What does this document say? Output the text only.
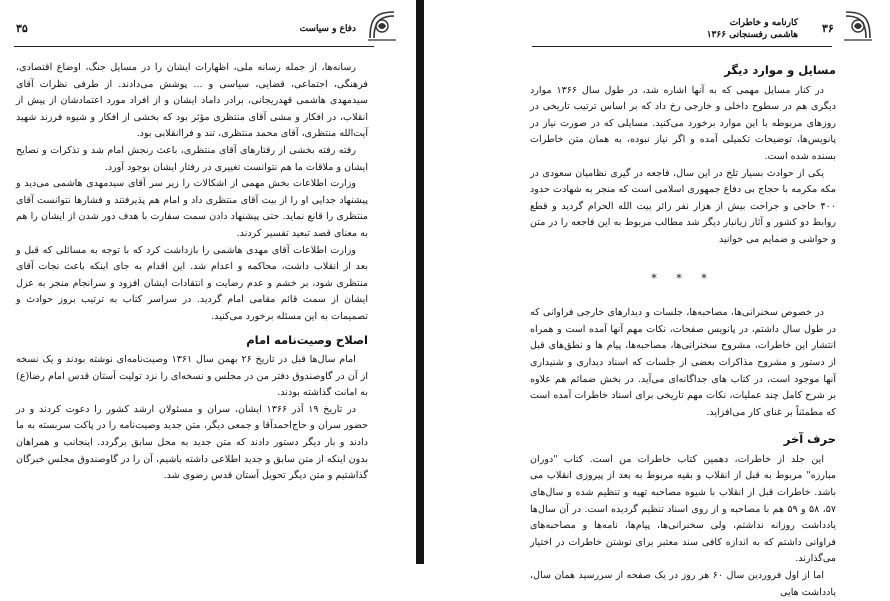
۳۵	دفاع و سیاست

رسانه‌ها، از جمله رسانه ملی، اظهارات ایشان را در مسایل جنگ، اوضاع اقتصادی، فرهنگی، اجتماعی، قضایی، سیاسی و ... پوشش می‌دادند. از طرفی نظرات آقای سیدمهدی هاشمی قهدریجانی، برادر داماد ایشان و از افراد مورد اعتمادشان از پیش از انقلاب، در افکار و مشی آقای منتظری مؤثر بود که بخشی از افکار و شیوه فرزند شهید آیت‌الله منتظری، آقای محمد منتظری، تند و فراانقلابی بود.

رفته رفته بخشی از رفتارهای آقای منتظری، باعث رنجش امام شد و تذکرات و نصایح ایشان و ملاقات ما هم نتوانست تغییری در رفتار ایشان بوجود آورد.

وزارت اطلاعات بخش مهمی از اشکالات را زیر سر آقای سیدمهدی هاشمی می‌دید و پیشنهاد جدایی او را از بیت آقای منتظری داد و امام هم پذیرفتند و فشارها نتوانست آقای منتظری را قانع نماید. حتی پیشنهاد دادن سمت سفارت با هدف دور شدن از ایشان را هم به معنای قصد تبعید تفسیر کردند.

وزارت اطلاعات آقای مهدی هاشمی را بازداشت کرد که با توجه به مسائلی که قبل و بعد از انقلاب داشت، محاکمه و اعدام شد. این اقدام به جای اینکه باعث نجات آقای منتظری شود، بر خشم و عدم رضایت و انتقادات ایشان افزود و سرانجام منجر به عزل ایشان از سمت قائم مقامی امام گردید. در سراسر کتاب به ترتیب بروز حوادث و تصمیمات به این مسئله برخورد می‌کنید.

اصلاح وصیت‌نامه امام

امام سال‌ها قبل در تاریخ ۲۶ بهمن سال ۱۳۶۱ وصیت‌نامه‌ای نوشته بودند و یک نسخه از آن در گاوصندوق دفتر من در مجلس و نسخه‌ای را نزد تولیت آستان قدس امام رضا(ع) به امانت گذاشته بودند.

در تاریخ ۱۹ آذر ۱۳۶۶ ایشان، سران و مسئولان ارشد کشور را دعوت کردند و در حضور سران و حاج‌احمدآقا و جمعی دیگر، متن جدید وصیت‌نامه را در پاکت سربسته به ما دادند و بار دیگر دستور دادند که متن جدید به محل سابق برگردد. اینجانب و همراهان بدون اینکه از متن سابق و جدید اطلاعی داشته باشیم، آن را در گاوصندوق مجلس خبرگان گذاشتیم و متن دیگر تحویل آستان قدس رضوی شد.

۳۶
کارنامه و خاطرات
هاشمی رفسنجانی ۱۳۶۶
مسایل و موارد دیگر

در کنار مسایل مهمی که به آنها اشاره شد، در طول سال ۱۳۶۶ موارد دیگری هم در سطوح داخلی و خارجی رخ داد که بر اساس ترتیب تاریخی در روزهای مربوطه با این موارد برخورد می‌کنید. مسایلی که در صورت نیاز در پانویس‌ها، توضیحات تکمیلی آمده و اگر نیاز نبوده، به همان متن خاطرات بسنده شده است.

یکی از حوادث بسیار تلخ در این سال، فاجعه در گیری نظامیان سعودی در مکه مکرمه با حجاج بی دفاع جمهوری اسلامی است که منجر به شهادت حدود ۴۰۰ حاجی و جراحت بیش از هزار نفر زائر بیت الله الحرام گردید و قطع روابط دو کشور و آثار زیانبار دیگر شد مطالب مربوط به این فاجعه را در متن و حواشی و ضمایم می خوانید

* * *

در خصوص سخنرانی‌ها، مصاحبه‌ها، جلسات و دیدارهای خارجی فراوانی که در طول سال داشتم، در پانویس صفحات، نکات مهم آنها آمده است و همراه انتشار این خاطرات، مشروح سخنرانی‌ها، مصاحبه‌ها، پیام ها و نطق‌های قبل از دستور و مشروح مذاکرات بعضی از جلسات که اسناد دیداری و شنیداری آنها موجود است، در کتاب های جداگانه‌ای می‌آید. در بخش ضمائم هم علاوه بر شرح کامل چند عملیات، نکات مهم تاریخی برای اسناد خاطرات آمده است که مطمئناً بر غنای کار می‌افزاید.

حرف آخر

این جلد از خاطرات، دهمین کتاب خاطرات من است. کتاب "دوران مبارزه" مربوط به قبل از انقلاب و بقیه مربوط به بعد از پیروزی انقلاب می باشد. خاطرات قبل از انقلاب با شیوه مصاحبه تهیه و تنظیم شده و سال‌های ۵۷، ۵۸ و ۵۹ هم با مصاحبه و از روی اسناد تنظیم گردیده است. در آن سال‌ها یادداشت روزانه نداشتم، ولی سخنرانی‌ها، پیام‌ها، نامه‌ها و مصاحبه‌های فراوانی داشتم که به اندازه کافی سند معتبر برای نوشتن خاطرات در اختیار می‌گذارند.

اما از اول فروردین سال ۶۰ هر روز در یک صفحه از سررسید همان سال، یادداشت هایی
